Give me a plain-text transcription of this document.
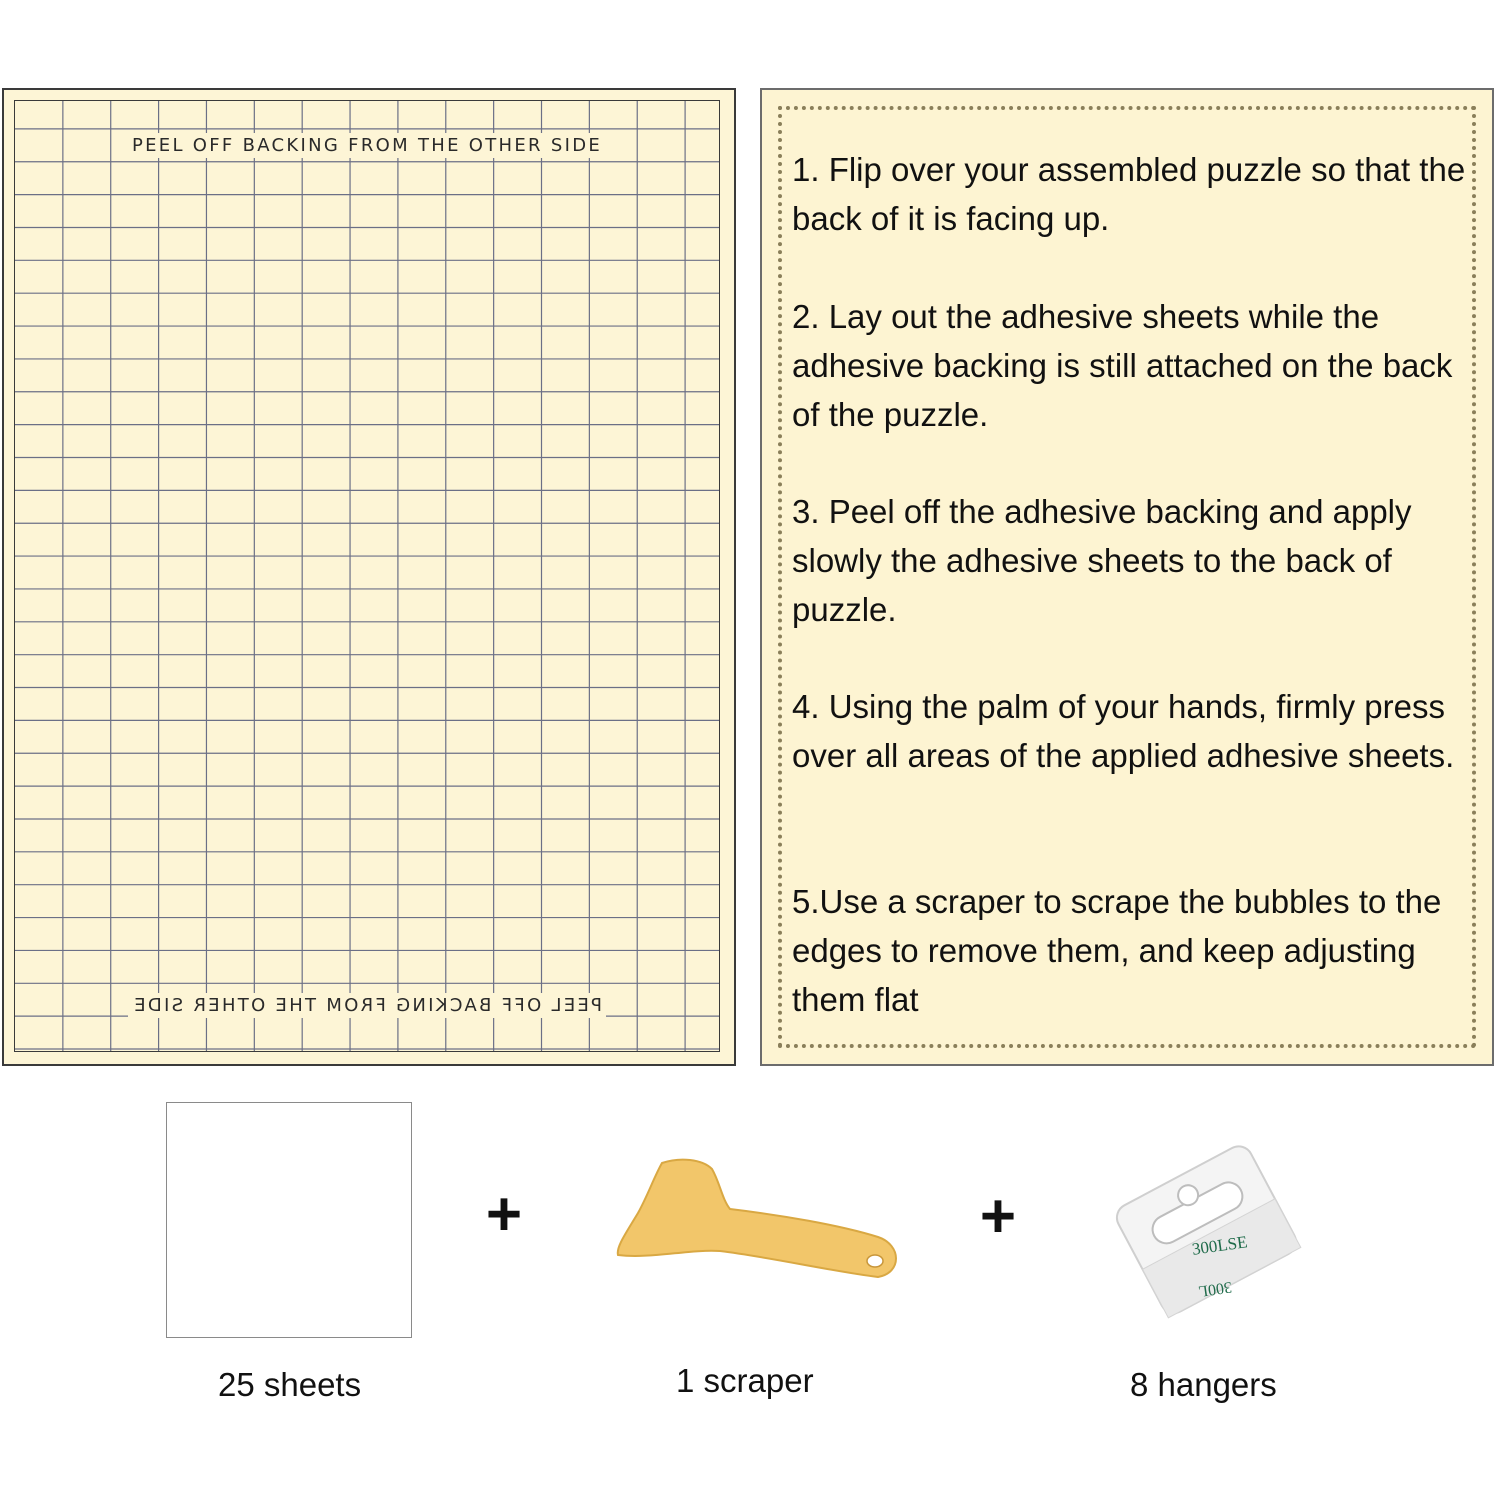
PEEL OFF BACKING FROM THE OTHER SIDE
PEEL OFF BACKING FROM THE OTHER SIDE
1. Flip over your assembled puzzle so that the back of it is facing up.
2. Lay out the adhesive sheets while the adhesive backing is still attached on the back of the puzzle.
3. Peel off the adhesive backing and apply slowly the adhesive sheets to the back of puzzle.
4. Using the palm of your hands, firmly press over all areas of the applied adhesive sheets.
5.Use a scraper to scrape the bubbles to the edges to remove them, and keep adjusting them flat
+	+	300LSE
300L
25 sheets	1 scraper	8 hangers
